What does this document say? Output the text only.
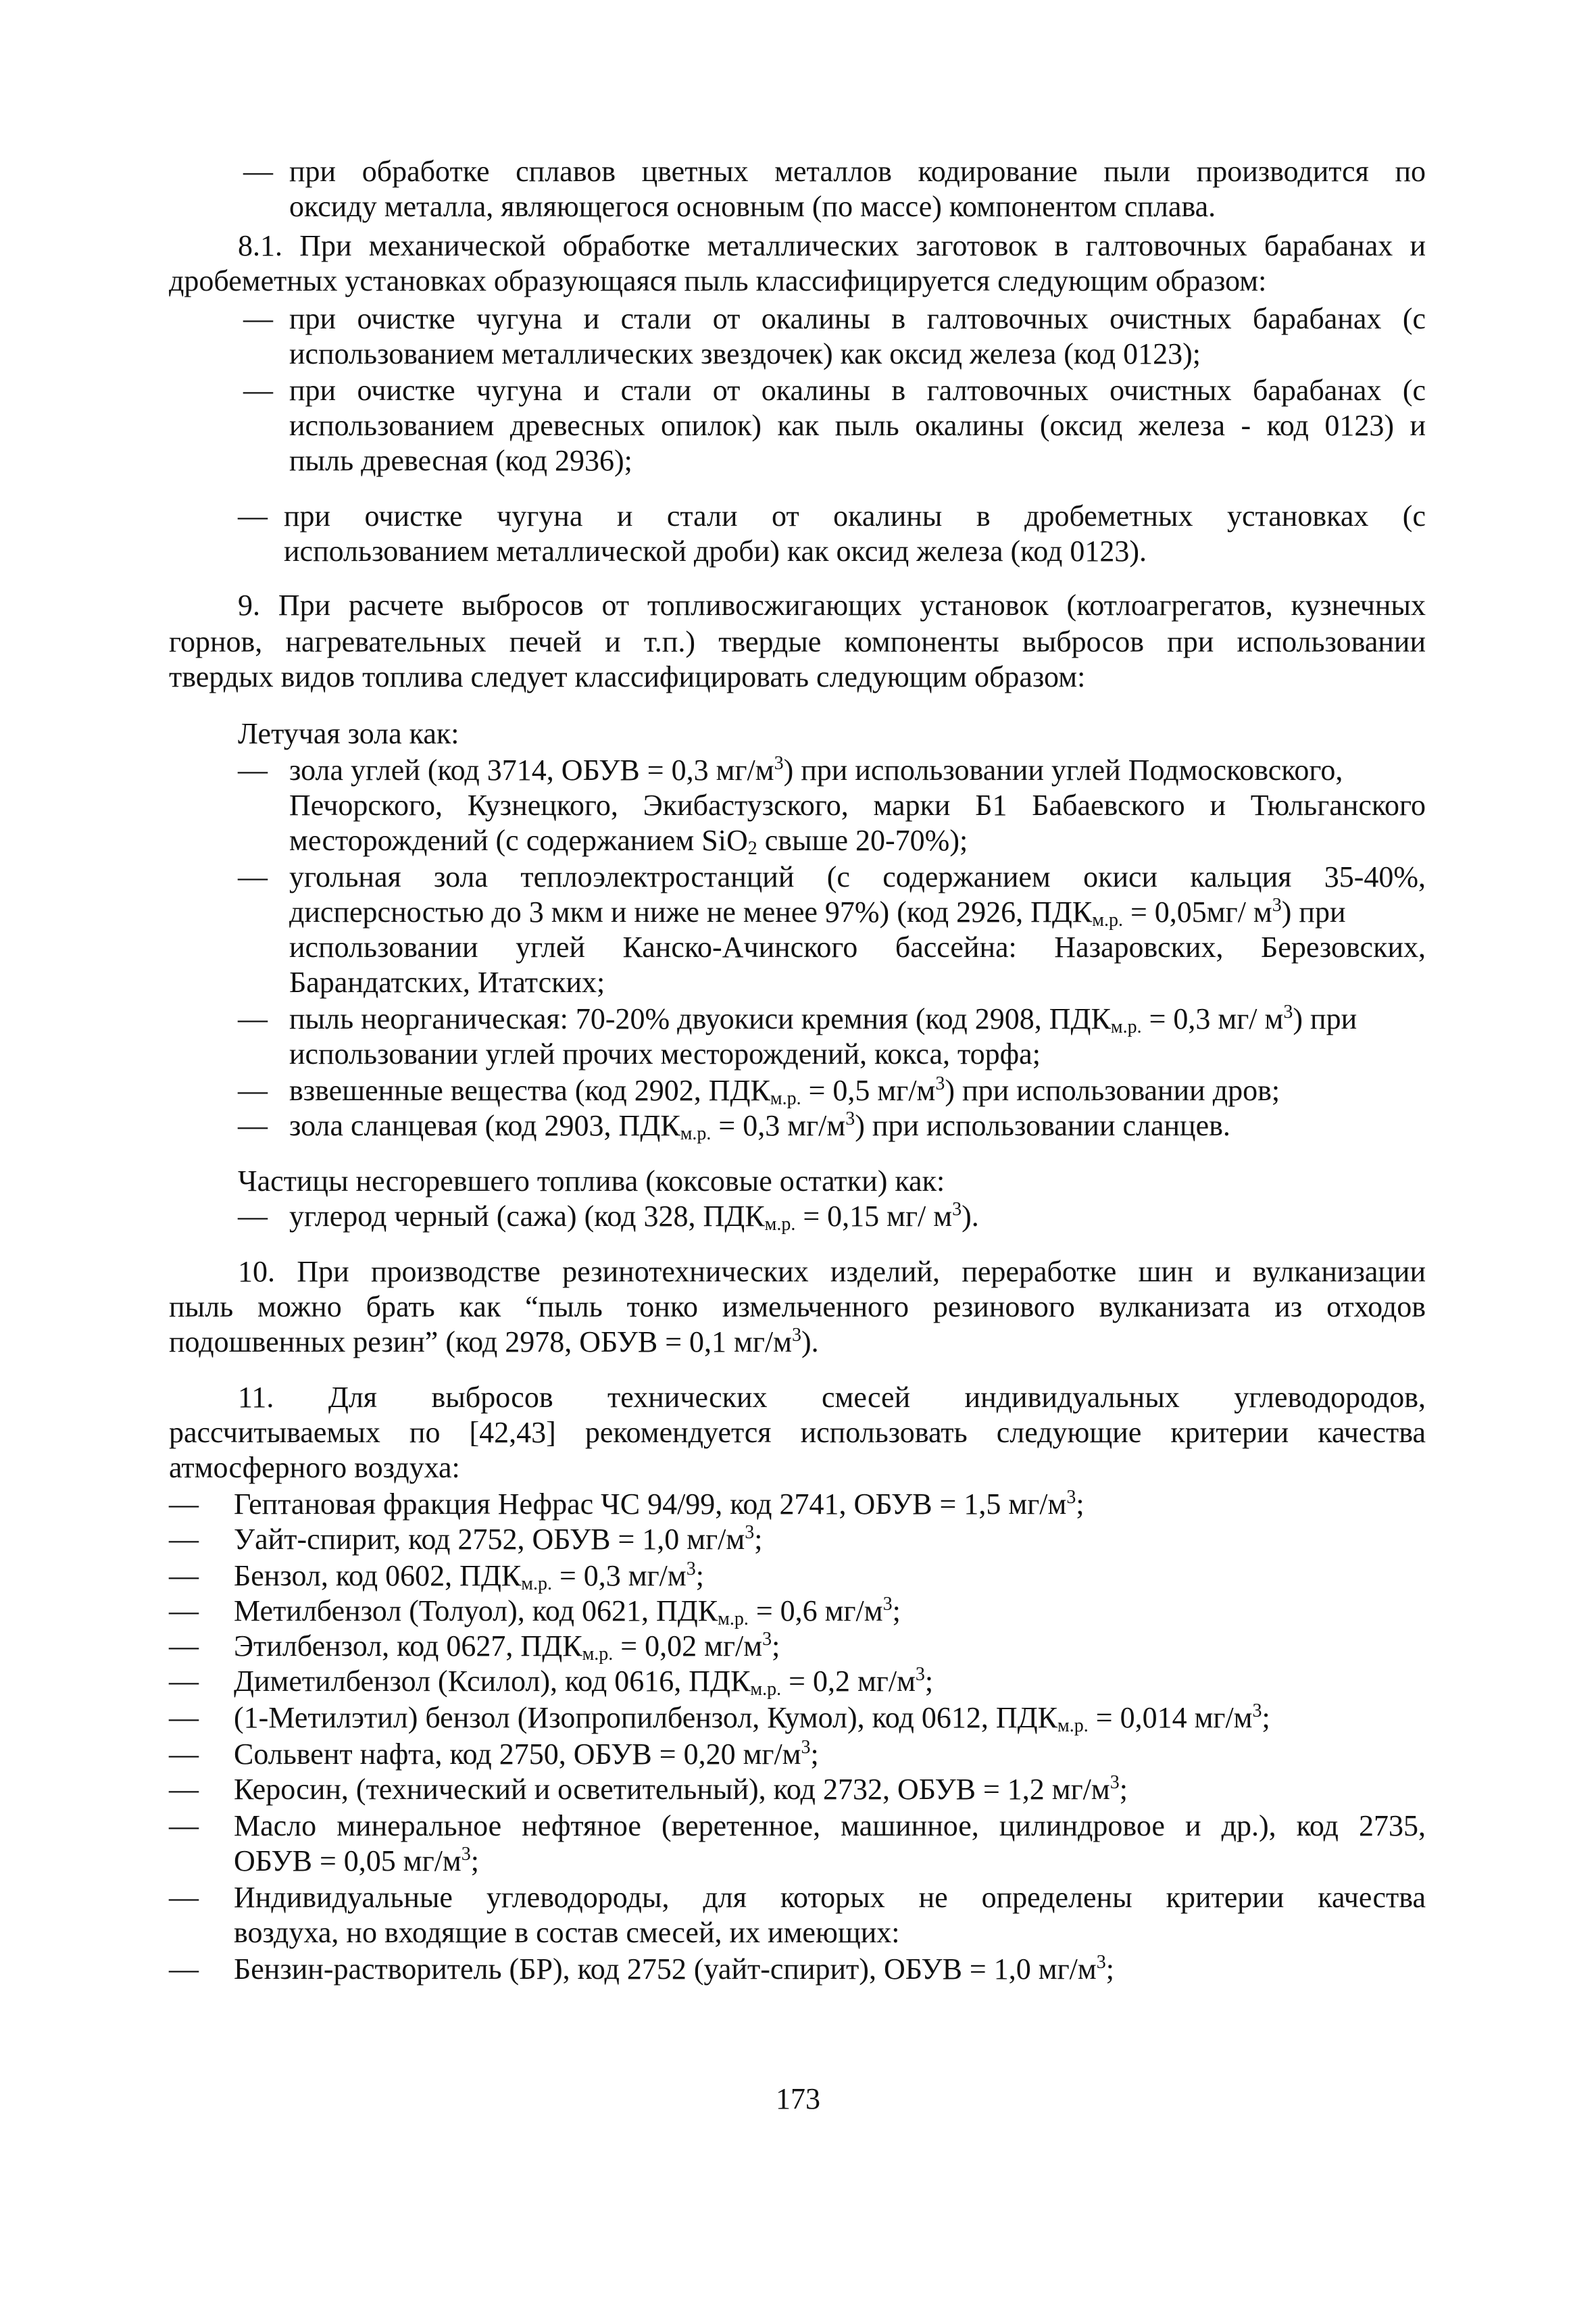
— при обработке сплавов цветных металлов кодирование пыли производится по
оксиду металла, являющегося основным (по массе) компонентом сплава.
8.1. При механической обработке металлических заготовок в галтовочных барабанах и
дробеметных установках образующаяся пыль классифицируется следующим образом:
— при очистке чугуна и стали от окалины в галтовочных очистных барабанах (с
использованием металлических звездочек) как оксид железа (код 0123);
— при очистке чугуна и стали от окалины в галтовочных очистных барабанах (с
использованием древесных опилок) как пыль окалины (оксид железа - код 0123) и
пыль древесная (код 2936);
— при очистке чугуна и стали от окалины в дробеметных установках (с
использованием металлической дроби) как оксид железа (код 0123).
9. При расчете выбросов от топливосжигающих установок (котлоагрегатов, кузнечных
горнов, нагревательных печей и т.п.) твердые компоненты выбросов при использовании
твердых видов топлива следует классифицировать следующим образом:
Летучая зола как:
— зола углей (код 3714, ОБУВ = 0,3 $мг/м^3$) при использовании углей Подмосковского,
Печорского, Кузнецкого, Экибастузского, марки Б1 Бабаевского и Тюльганского
месторождений (с содержанием SiO$_2$ свыше 20-70%);
— угольная зола теплоэлектростанций (с содержанием окиси кальция 35-40%,
дисперсностью до 3 мкм и ниже не менее 97%) (код 2926, $ПДК_{м.р.} = 0,05мг/$ $м^3$) при
использовании углей Канско-Ачинского бассейна: Назаровских, Березовских,
Барандатских, Итатских;
— пыль неорганическая: 70-20% двуокиси кремния (код 2908, $ПДК_{м.р.} = 0,3$ мг/ $м^3$) при
использовании углей прочих месторождений, кокса, торфа;
— взвешенные вещества (код 2902, $ПДК_{м.р.} = 0,5$ $мг/м^3$) при использовании дров;
— зола сланцевая (код 2903, $ПДК_{м.р.} = 0,3$ $мг/м^3$) при использовании сланцев.
Частицы несгоревшего топлива (коксовые остатки) как:
— углерод черный (сажа) (код 328, $ПДК_{м.р.} = 0,15$ мг/ $м^3$).
10. При производстве резинотехнических изделий, переработке шин и вулканизации
пыль можно брать как “пыль тонко измельченного резинового вулканизата из отходов
подошвенных резин” (код 2978, ОБУВ = 0,1 $мг/м^3$).
11. Для выбросов технических смесей индивидуальных углеводородов,
рассчитываемых по [42,43] рекомендуется использовать следующие критерии качества
атмосферного воздуха:
— Гептановая фракция Нефрас ЧС 94/99, код 2741, ОБУВ = 1,5 $мг/м^3$;
— Уайт-спирит, код 2752, ОБУВ = 1,0 $мг/м^3$;
— Бензол, код 0602, $ПДК_{м.р.} = 0,3$ $мг/м^3$;
— Метилбензол (Толуол), код 0621, $ПДК_{м.р.} = 0,6$ $мг/м^3$;
— Этилбензол, код 0627, $ПДК_{м.р.} = 0,02$ $мг/м^3$;
— Диметилбензол (Ксилол), код 0616, $ПДК_{м.р.} = 0,2$ $мг/м^3$;
— (1-Метилэтил) бензол (Изопропилбензол, Кумол), код 0612, $ПДК_{м.р.} = 0,014$ $мг/м^3$;
— Сольвент нафта, код 2750, ОБУВ = 0,20 $мг/м^3$;
— Керосин, (технический и осветительный), код 2732, ОБУВ = 1,2 $мг/м^3$;
— Масло минеральное нефтяное (веретенное, машинное, цилиндровое и др.), код 2735,
ОБУВ = 0,05 $мг/м^3$;
— Индивидуальные углеводороды, для которых не определены критерии качества
воздуха, но входящие в состав смесей, их имеющих:
— Бензин-растворитель (БР), код 2752 (уайт-спирит), ОБУВ = 1,0 $мг/м^3$;
173
